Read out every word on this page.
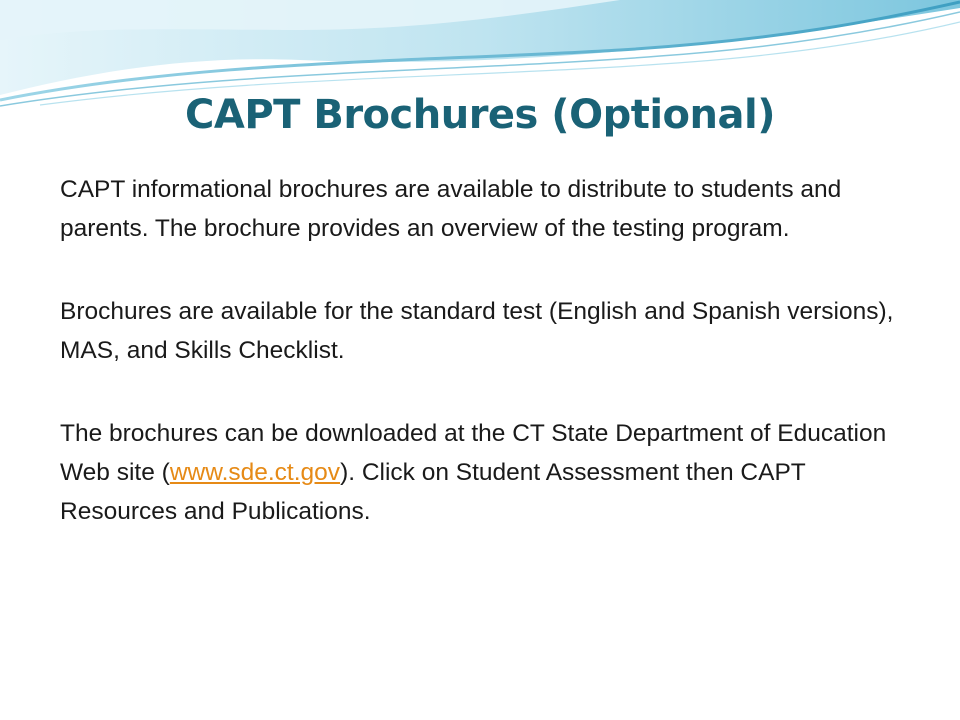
CAPT Brochures (Optional)

CAPT informational brochures are available to distribute to students and parents. The brochure provides an overview of the testing program.

Brochures are available for the standard test (English and Spanish versions), MAS, and Skills Checklist.

The brochures can be downloaded at the CT State Department of Education Web site (www.sde.ct.gov). Click on Student Assessment then CAPT Resources and Publications.
